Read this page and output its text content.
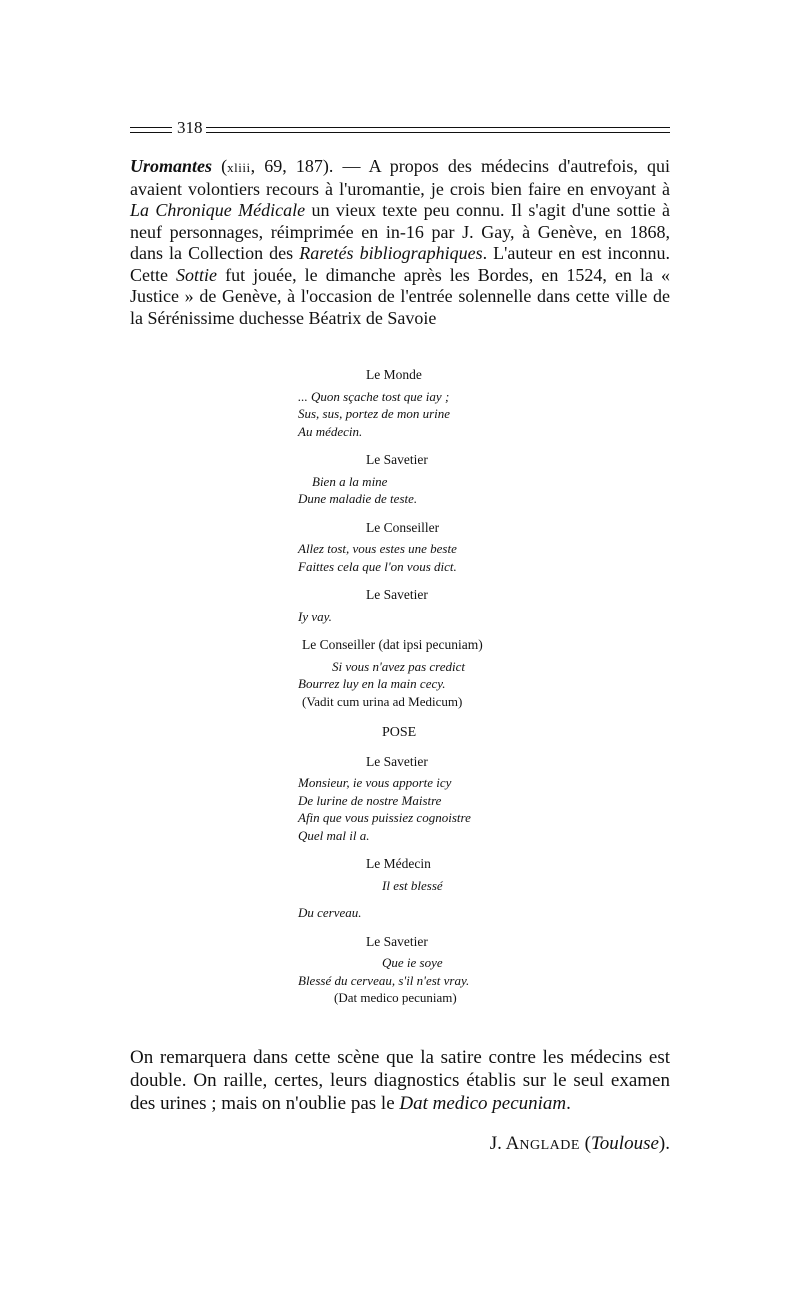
318

Uromantes (xliii, 69, 187). — A propos des médecins d'autrefois, qui avaient volontiers recours à l'uromantie, je crois bien faire en envoyant à La Chronique Médicale un vieux texte peu connu. Il s'agit d'une sottie à neuf personnages, réimprimée en in-16 par J. Gay, à Genève, en 1868, dans la Collection des Raretés bibliographiques. L'auteur en est inconnu. Cette Sottie fut jouée, le dimanche après les Bordes, en 1524, en la « Justice » de Genève, à l'occasion de l'entrée solennelle dans cette ville de la Sérénissime duchesse Béatrix de Savoie

Le Monde
... Quon sçache tost que iay ;
Sus, sus, portez de mon urine
Au médecin.
Le Savetier
Bien a la mine
Dune maladie de teste.
Le Conseiller
Allez tost, vous estes une beste
Faittes cela que l'on vous dict.
Le Savetier
Iy vay.
Le Conseiller (dat ipsi pecuniam)
Si vous n'avez pas credict
Bourrez luy en la main cecy.
(Vadit cum urina ad Medicum)
POSE
Le Savetier
Monsieur, ie vous apporte icy
De lurine de nostre Maistre
Afin que vous puissiez cognoistre
Quel mal il a.
Le Médecin
Il est blessé
Du cerveau.
Le Savetier
Que ie soye
Blessé du cerveau, s'il n'est vray.
(Dat medico pecuniam)

On remarquera dans cette scène que la satire contre les médecins est double. On raille, certes, leurs diagnostics établis sur le seul examen des urines ; mais on n'oublie pas le Dat medico pecuniam.

J. ANGLADE (Toulouse).
